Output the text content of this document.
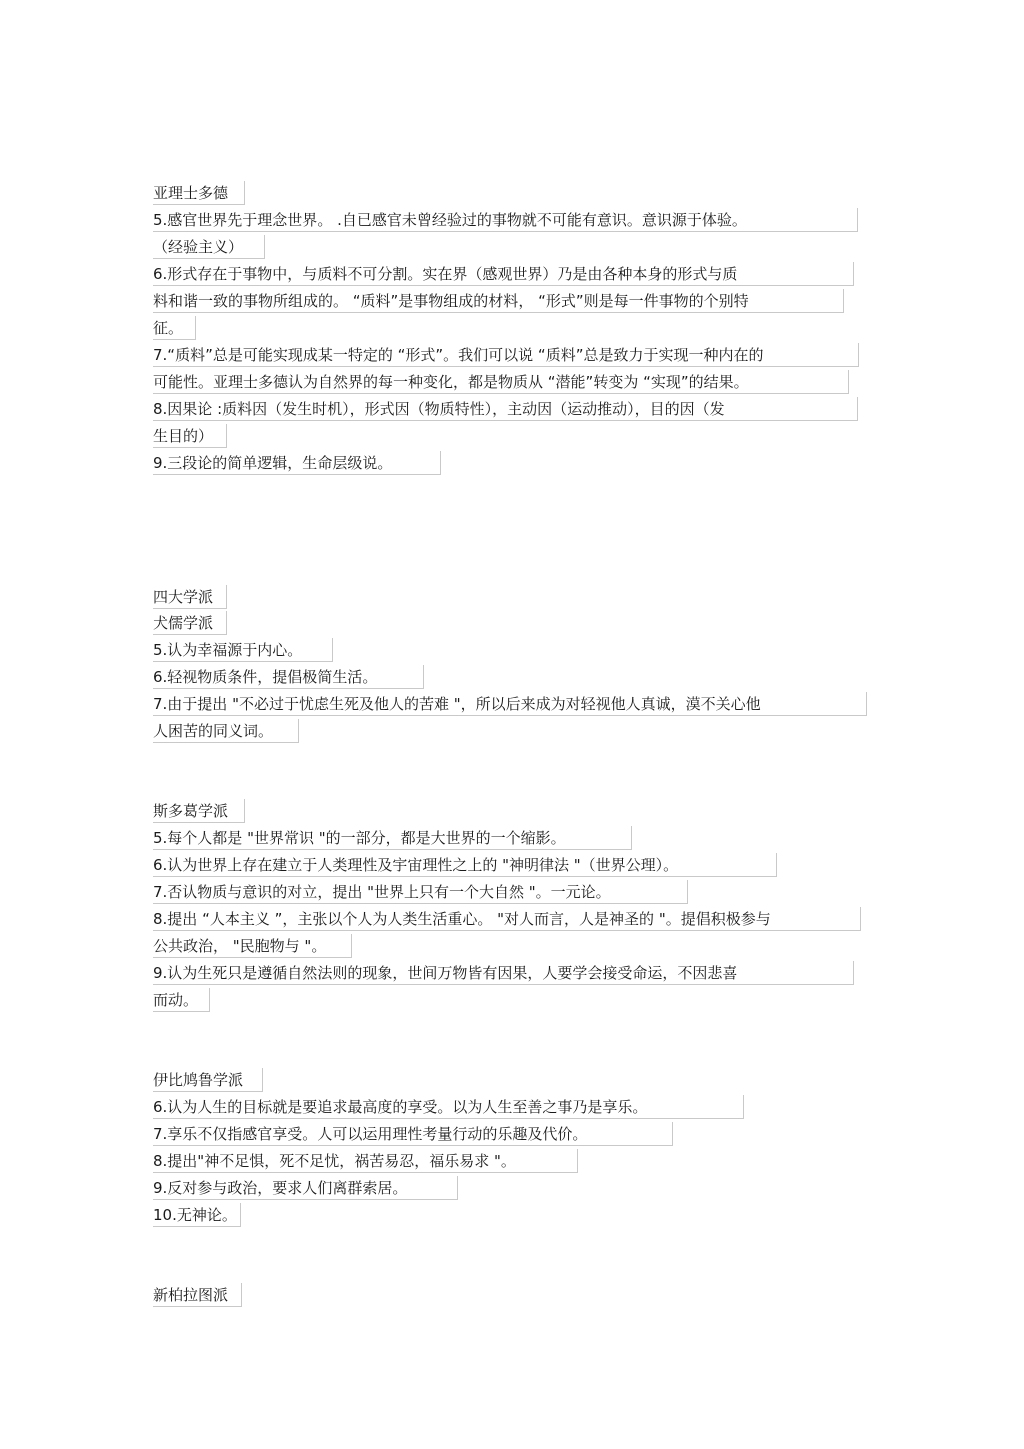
亚理士多德
5.感官世界先于理念世界。 .自已感官未曾经验过的事物就不可能有意识。意识源于体验。
（经验主义）
6.形式存在于事物中，与质料不可分割。实在界（感观世界）乃是由各种本身的形式与质
料和谐一致的事物所组成的。 “质料”是事物组成的材料， “形式”则是每一件事物的个别特
征。
7.“质料”总是可能实现成某一特定的 “形式”。我们可以说 “质料”总是致力于实现一种内在的
可能性。亚理士多德认为自然界的每一种变化，都是物质从 “潜能”转变为 “实现”的结果。
8.因果论 :质料因（发生时机），形式因（物质特性），主动因（运动推动），目的因（发
生目的）
9.三段论的简单逻辑，生命层级说。
四大学派
犬儒学派
5.认为幸福源于内心。
6.轻视物质条件，提倡极简生活。
7.由于提出 "不必过于忧虑生死及他人的苦难 "，所以后来成为对轻视他人真诚，漠不关心他
人困苦的同义词。
斯多葛学派
5.每个人都是 "世界常识 "的一部分，都是大世界的一个缩影。
6.认为世界上存在建立于人类理性及宇宙理性之上的 "神明律法 "（世界公理）。
7.否认物质与意识的对立，提出 "世界上只有一个大自然 "。一元论。
8.提出 “人本主义 ”，主张以个人为人类生活重心。 "对人而言，人是神圣的 "。提倡积极参与
公共政治， "民胞物与 "。
9.认为生死只是遵循自然法则的现象，世间万物皆有因果，人要学会接受命运，不因悲喜
而动。
伊比鸠鲁学派
6.认为人生的目标就是要追求最高度的享受。以为人生至善之事乃是享乐。
7.享乐不仅指感官享受。人可以运用理性考量行动的乐趣及代价。
8.提出"神不足惧，死不足忧，祸苦易忍，福乐易求 "。
9.反对参与政治，要求人们离群索居。
10.无神论。
新柏拉图派
